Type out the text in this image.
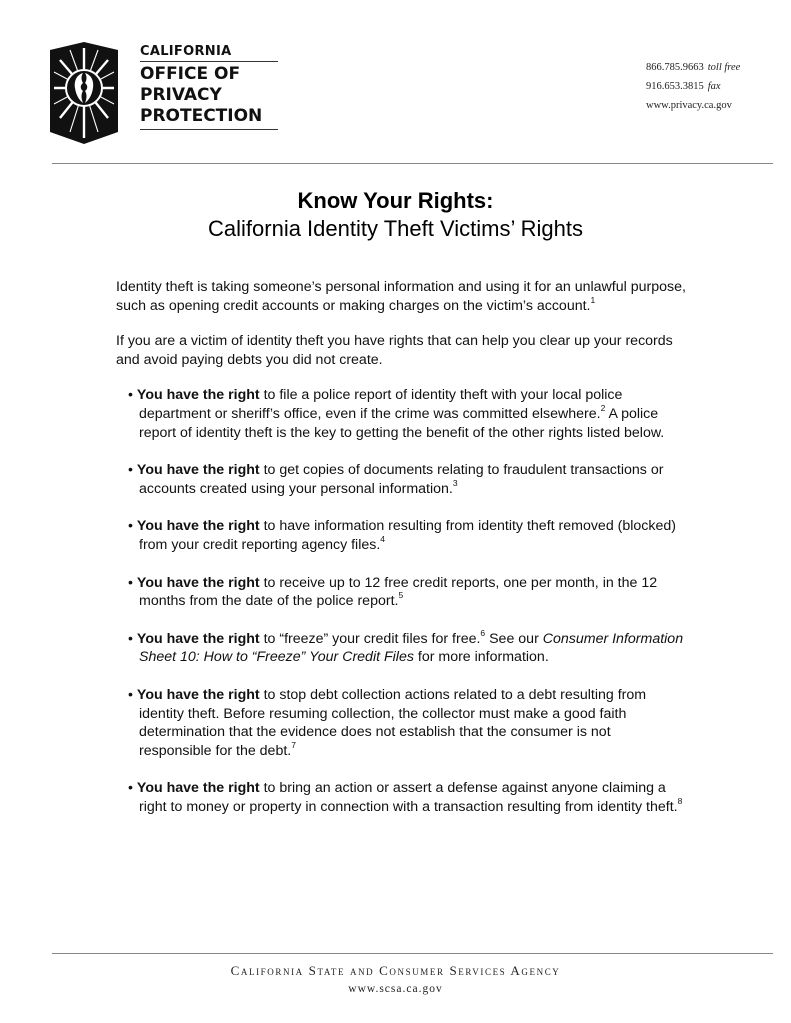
CALIFORNIA
OFFICE OF
PRIVACY
PROTECTION
866.785.9663 toll free
916.653.3815 fax
www.privacy.ca.gov
Know Your Rights:
California Identity Theft Victims’ Rights

Identity theft is taking someone’s personal information and using it for an unlawful purpose, such as opening credit accounts or making charges on the victim’s account.$^1$

If you are a victim of identity theft you have rights that can help you clear up your records and avoid paying debts you did not create.

• You have the right to file a police report of identity theft with your local police department or sheriff’s office, even if the crime was committed elsewhere.$^2$ A police report of identity theft is the key to getting the benefit of the other rights listed below.

• You have the right to get copies of documents relating to fraudulent transactions or accounts created using your personal information.$^3$

• You have the right to have information resulting from identity theft removed (blocked) from your credit reporting agency files.$^4$

• You have the right to receive up to 12 free credit reports, one per month, in the 12 months from the date of the police report.$^5$

• You have the right to “freeze” your credit files for free.$^6$ See our Consumer Information Sheet 10: How to “Freeze” Your Credit Files for more information.

• You have the right to stop debt collection actions related to a debt resulting from identity theft. Before resuming collection, the collector must make a good faith determination that the evidence does not establish that the consumer is not responsible for the debt.$^7$

• You have the right to bring an action or assert a defense against anyone claiming a right to money or property in connection with a transaction resulting from identity theft.$^8$

California State and Consumer Services Agency
www.scsa.ca.gov
